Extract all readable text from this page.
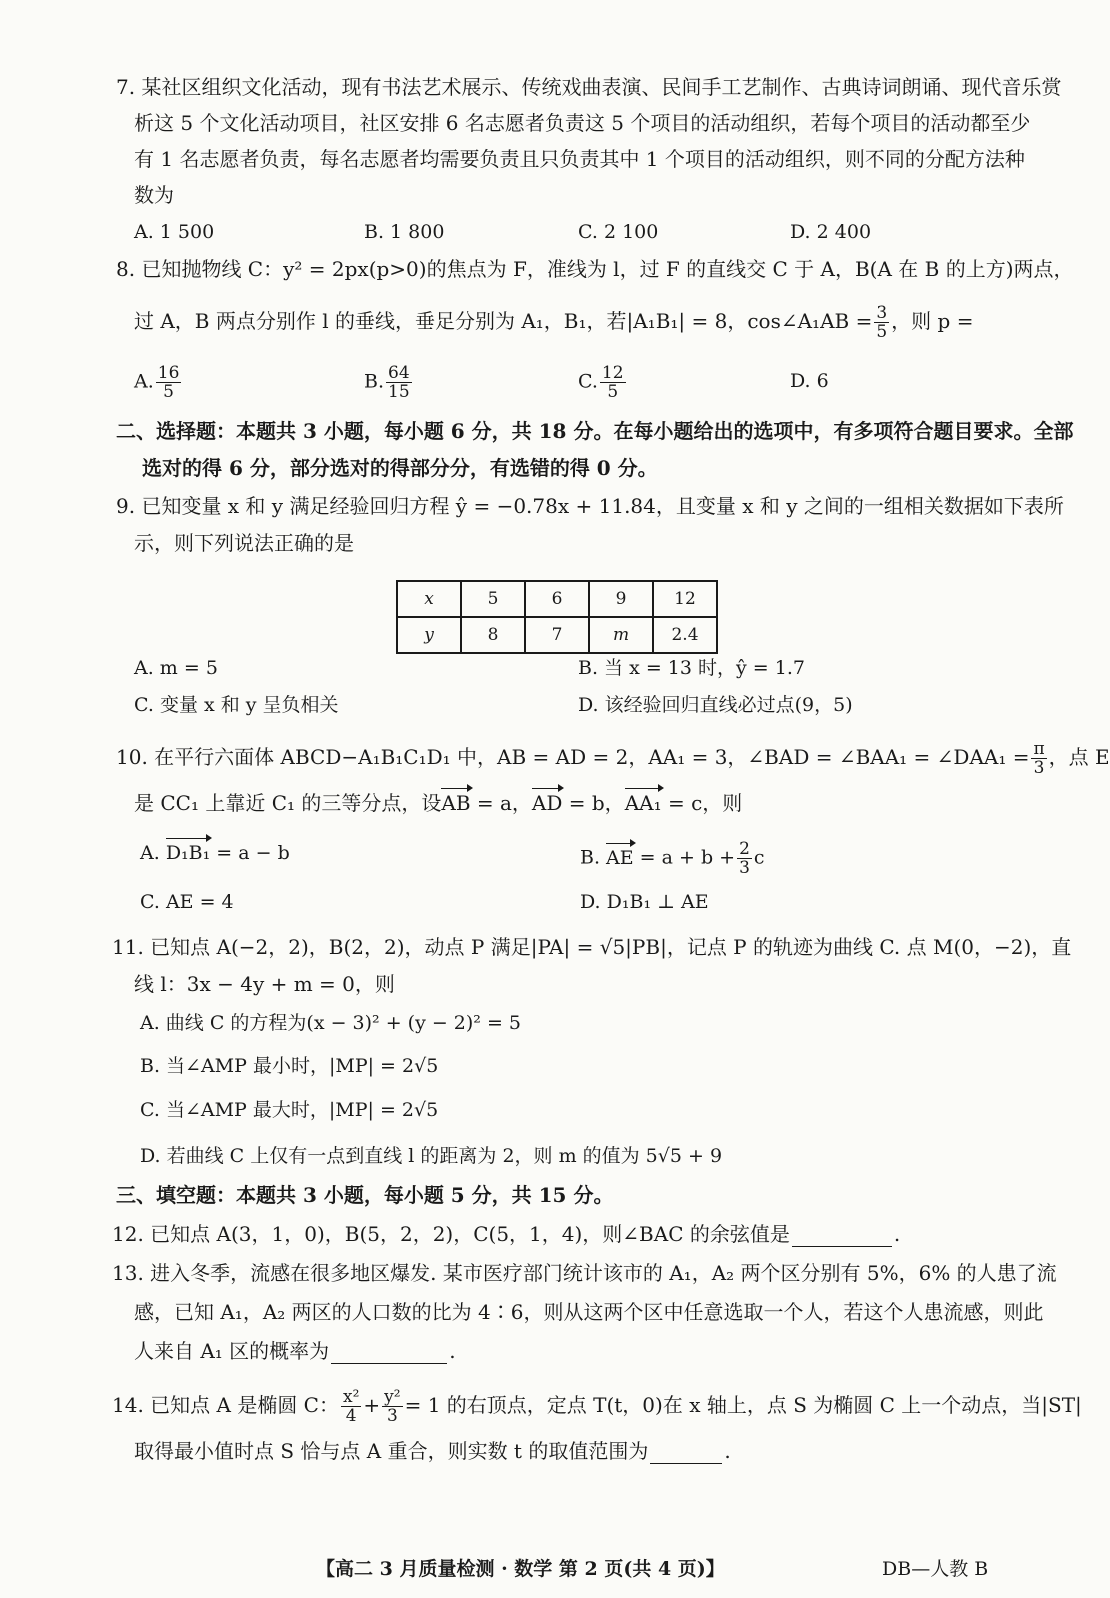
7. 某社区组织文化活动，现有书法艺术展示、传统戏曲表演、民间手工艺制作、古典诗词朗诵、现代音乐赏
析这 5 个文化活动项目，社区安排 6 名志愿者负责这 5 个项目的活动组织，若每个项目的活动都至少
有 1 名志愿者负责，每名志愿者均需要负责且只负责其中 1 个项目的活动组织，则不同的分配方法种
数为
A. 1 500	B. 1 800	C. 2 100	D. 2 400
8. 已知抛物线 C：y² = 2px(p>0)的焦点为 F，准线为 l，过 F 的直线交 C 于 A，B(A 在 B 的上方)两点，
过 A，B 两点分别作 l 的垂线，垂足分别为 A₁，B₁，若|A₁B₁| = 8，cos∠A₁AB = $\frac{3}{5}$ ，则 p =
A. $\frac{16}{5}$	B. $\frac{64}{15}$	C. $\frac{12}{5}$	D. 6
二、选择题：本题共 3 小题，每小题 6 分，共 18 分。在每小题给出的选项中，有多项符合题目要求。全部
选对的得 6 分，部分选对的得部分分，有选错的得 0 分。
9. 已知变量 x 和 y 满足经验回归方程 ŷ = −0.78x + 11.84，且变量 x 和 y 之间的一组相关数据如下表所
示，则下列说法正确的是
x	5	6	9	12
y	8	7	m	2.4
A. m = 5	B. 当 x = 13 时，ŷ = 1.7
C. 变量 x 和 y 呈负相关	D. 该经验回归直线必过点(9，5)
10. 在平行六面体 ABCD−A₁B₁C₁D₁ 中，AB = AD = 2，AA₁ = 3，∠BAD = ∠BAA₁ = ∠DAA₁ = $\frac{\pi}{3}$ ，点 E
是 CC₁ 上靠近 C₁ 的三等分点，设AB = a，AD = b，AA₁ = c，则
A. D₁B₁ = a − b	B. AE = $a + b + \frac{2}{3}$ c
C. AE = 4	D. D₁B₁ ⊥ AE
11. 已知点 A(−2，2)，B(2，2)，动点 P 满足|PA| = √5|PB|，记点 P 的轨迹为曲线 C. 点 M(0，−2)，直
线 l：3x − 4y + m = 0，则
A. 曲线 C 的方程为(x − 3)² + (y − 2)² = 5
B. 当∠AMP 最小时，|MP| = 2√5
C. 当∠AMP 最大时，|MP| = 2√5
D. 若曲线 C 上仅有一点到直线 l 的距离为 2，则 m 的值为 5√5 + 9
三、填空题：本题共 3 小题，每小题 5 分，共 15 分。
12. 已知点 A(3，1，0)，B(5，2，2)，C(5，1，4)，则∠BAC 的余弦值是	.
13. 进入冬季，流感在很多地区爆发. 某市医疗部门统计该市的 A₁，A₂ 两个区分别有 5%，6% 的人患了流
感，已知 A₁，A₂ 两区的人口数的比为 4∶6，则从这两个区中任意选取一个人，若这个人患流感，则此
人来自 A₁ 区的概率为	.
14. 已知点 A 是椭圆 C： $\frac{\text{x²}}{4} + \frac{\text{y²}}{3} = 1$ 的右顶点，定点 T(t，0)在 x 轴上，点 S 为椭圆 C 上一个动点，当|ST|
取得最小值时点 S 恰与点 A 重合，则实数 t 的取值范围为	.
【高二 3 月质量检测 · 数学 第 2 页(共 4 页)】	DB—人教 B
